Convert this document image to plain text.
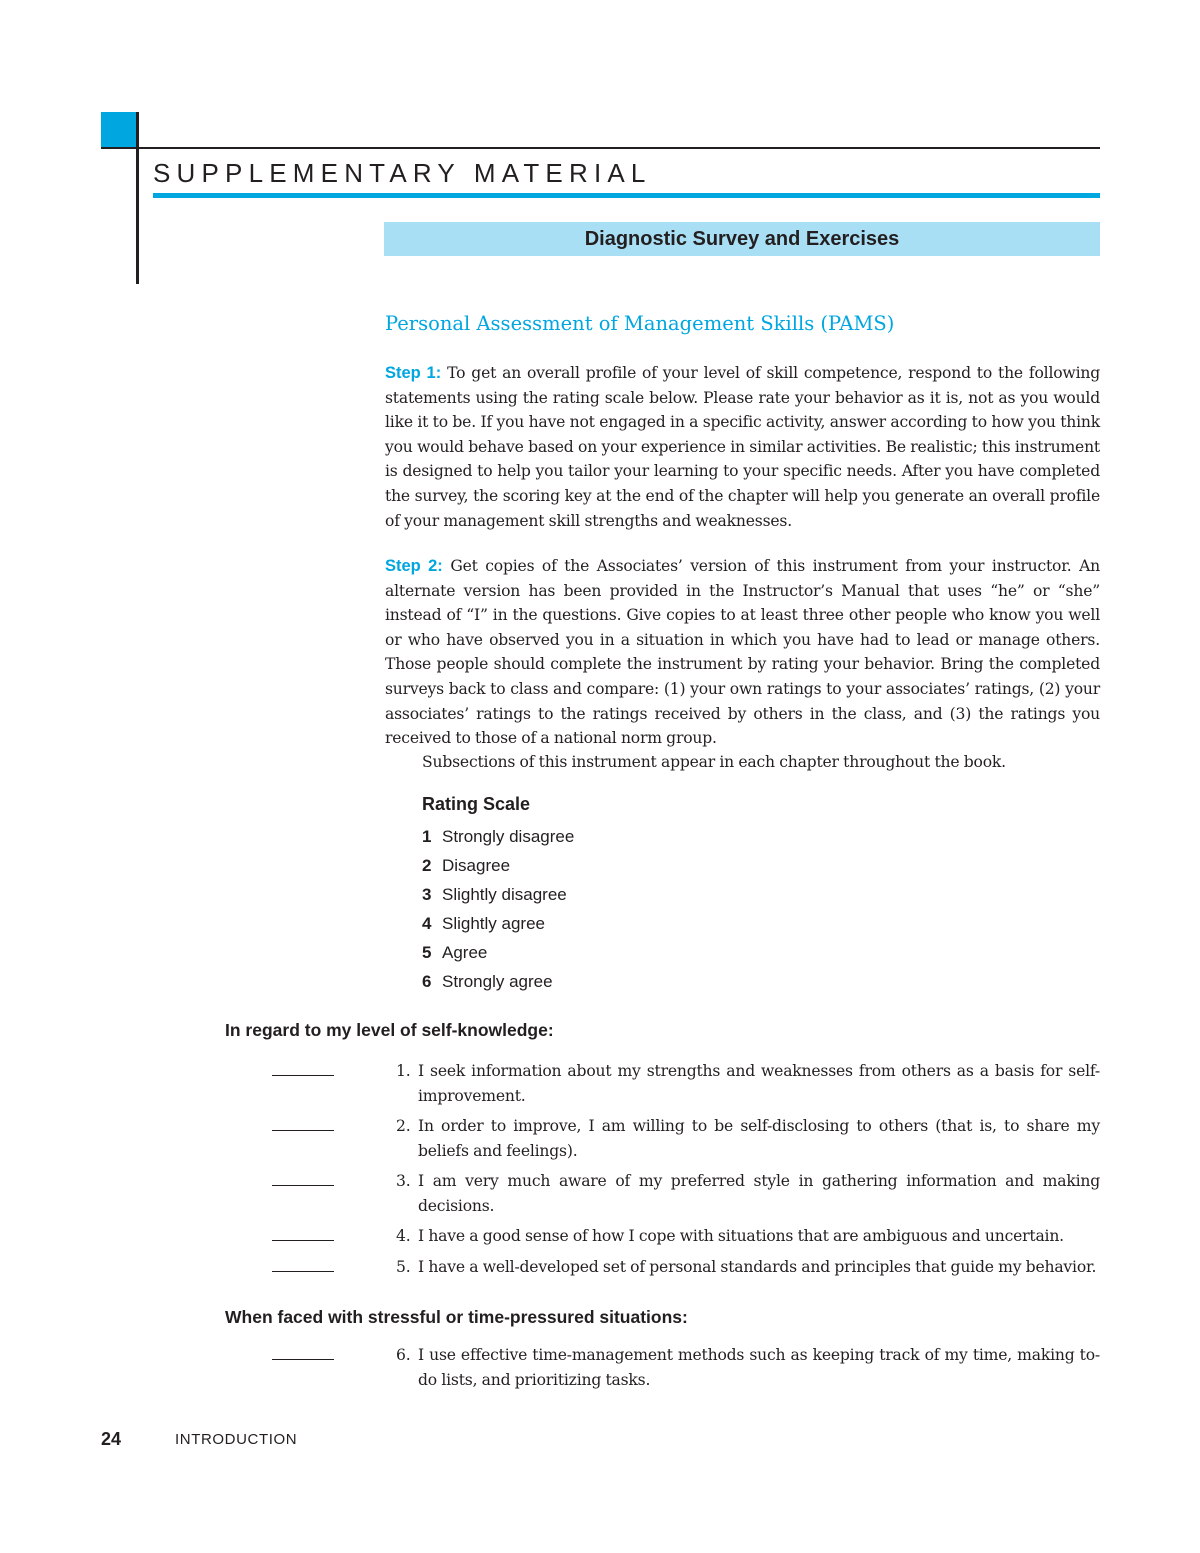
SUPPLEMENTARY MATERIAL
Diagnostic Survey and Exercises
Personal Assessment of Management Skills (PAMS)

Step 1: To get an overall profile of your level of skill competence, respond to the following statements using the rating scale below. Please rate your behavior as it is, not as you would like it to be. If you have not engaged in a specific activity, answer according to how you think you would behave based on your experience in similar activities. Be realistic; this instrument is designed to help you tailor your learning to your specific needs. After you have completed the survey, the scoring key at the end of the chapter will help you generate an overall profile of your management skill strengths and weaknesses.

Step 2: Get copies of the Associates’ version of this instrument from your instructor. An alternate version has been provided in the Instructor’s Manual that uses “he” or “she” instead of “I” in the questions. Give copies to at least three other people who know you well or who have observed you in a situation in which you have had to lead or manage others. Those people should complete the instrument by rating your behavior. Bring the completed surveys back to class and compare: (1) your own ratings to your associates’ ratings, (2) your associates’ ratings to the ratings received by others in the class, and (3) the ratings you received to those of a national norm group.

Subsections of this instrument appear in each chapter throughout the book.

Rating Scale
1 Strongly disagree
2 Disagree
3 Slightly disagree
4 Slightly agree
5 Agree
6 Strongly agree
In regard to my level of self-knowledge:

1. I seek information about my strengths and weaknesses from others as a basis for self-improvement.

2. In order to improve, I am willing to be self-disclosing to others (that is, to share my beliefs and feelings).

3. I am very much aware of my preferred style in gathering information and making decisions.

4. I have a good sense of how I cope with situations that are ambiguous and uncertain.

5. I have a well-developed set of personal standards and principles that guide my behavior.

When faced with stressful or time-pressured situations:

6. I use effective time-management methods such as keeping track of my time, making to-do lists, and prioritizing tasks.

24	INTRODUCTION
